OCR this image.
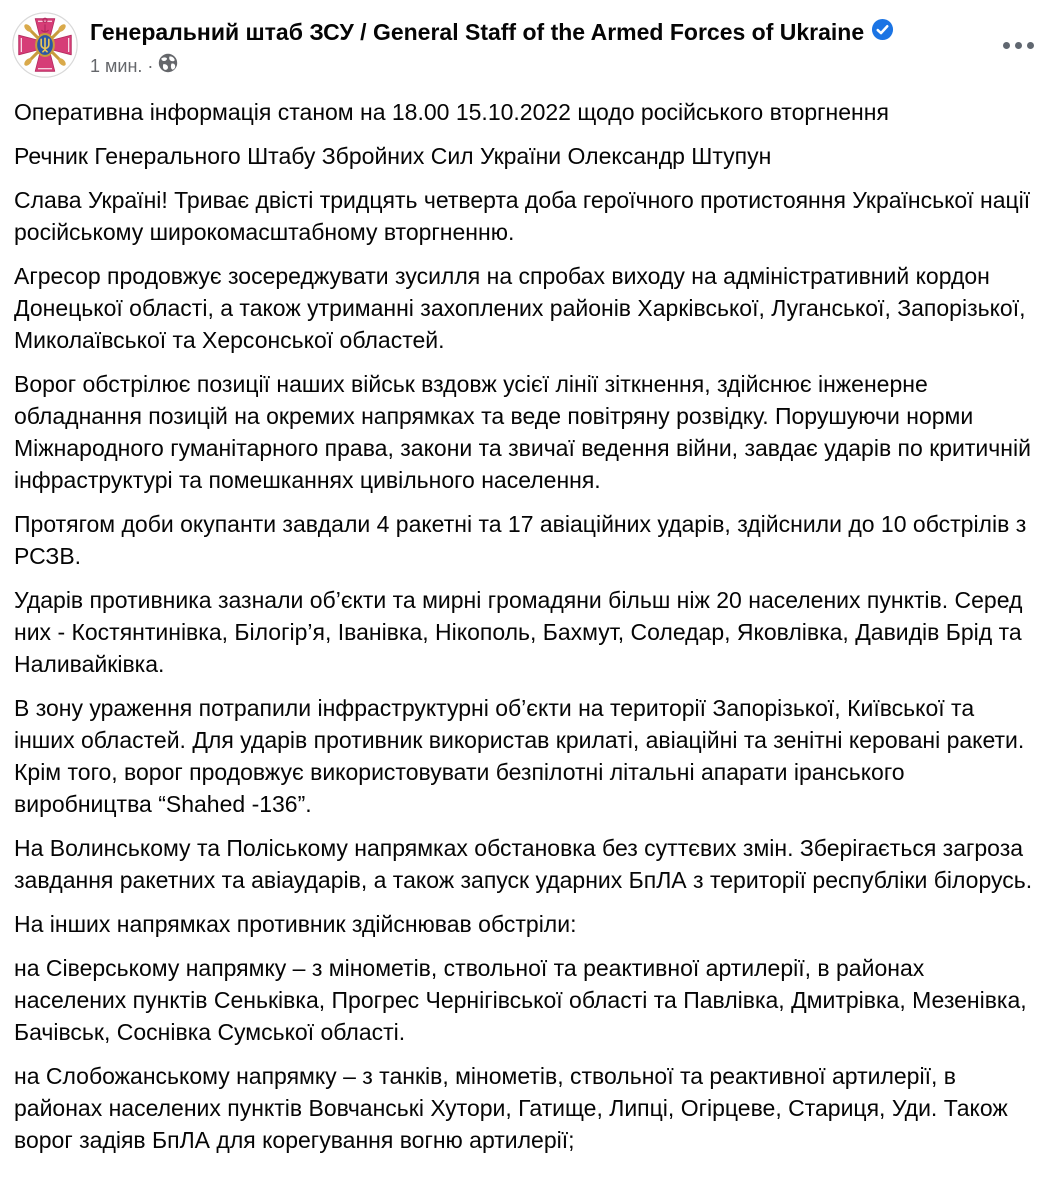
Генеральний штаб ЗСУ / General Staff of the Armed Forces of Ukraine
1 мин. ·

Оперативна інформація станом на 18.00 15.10.2022 щодо російського вторгнення

Речник Генерального Штабу Збройних Сил України Олександр Штупун

Слава Україні! Триває двісті тридцять четверта доба героїчного протистояння Української нації російському широкомасштабному вторгненню.

Агресор продовжує зосереджувати зусилля на спробах виходу на адміністративний кордон Донецької області, а також утриманні захоплених районів Харківської, Луганської, Запорізької, Миколаївської та Херсонської областей.

Ворог обстрілює позиції наших військ вздовж усієї лінії зіткнення, здійснює інженерне обладнання позицій на окремих напрямках та веде повітряну розвідку. Порушуючи норми Міжнародного гуманітарного права, закони та звичаї ведення війни, завдає ударів по критичній інфраструктурі та помешканнях цивільного населення.

Протягом доби окупанти завдали 4 ракетні та 17 авіаційних ударів, здійснили до 10 обстрілів з РСЗВ.

Ударів противника зазнали об’єкти та мирні громадяни більш ніж 20 населених пунктів. Серед них - Костянтинівка, Білогір’я, Іванівка, Нікополь, Бахмут, Соледар, Яковлівка, Давидів Брід та Наливайківка.

В зону ураження потрапили інфраструктурні об’єкти на території Запорізької, Київської та інших областей. Для ударів противник використав крилаті, авіаційні та зенітні керовані ракети. Крім того, ворог продовжує використовувати безпілотні літальні апарати іранського виробництва “Shahed -136”.

На Волинському та Поліському напрямках обстановка без суттєвих змін. Зберігається загроза завдання ракетних та авіаударів, а також запуск ударних БпЛА з території республіки білорусь.

На інших напрямках противник здійснював обстріли:

на Сіверському напрямку – з мінометів, ствольної та реактивної артилерії, в районах населених пунктів Сеньківка, Прогрес Чернігівської області та Павлівка, Дмитрівка, Мезенівка, Бачівськ, Соснівка Сумської області.

на Слобожанському напрямку – з танків, мінометів, ствольної та реактивної артилерії, в районах населених пунктів Вовчанські Хутори, Гатище, Липці, Огірцеве, Стариця, Уди. Також ворог задіяв БпЛА для корегування вогню артилерії;
